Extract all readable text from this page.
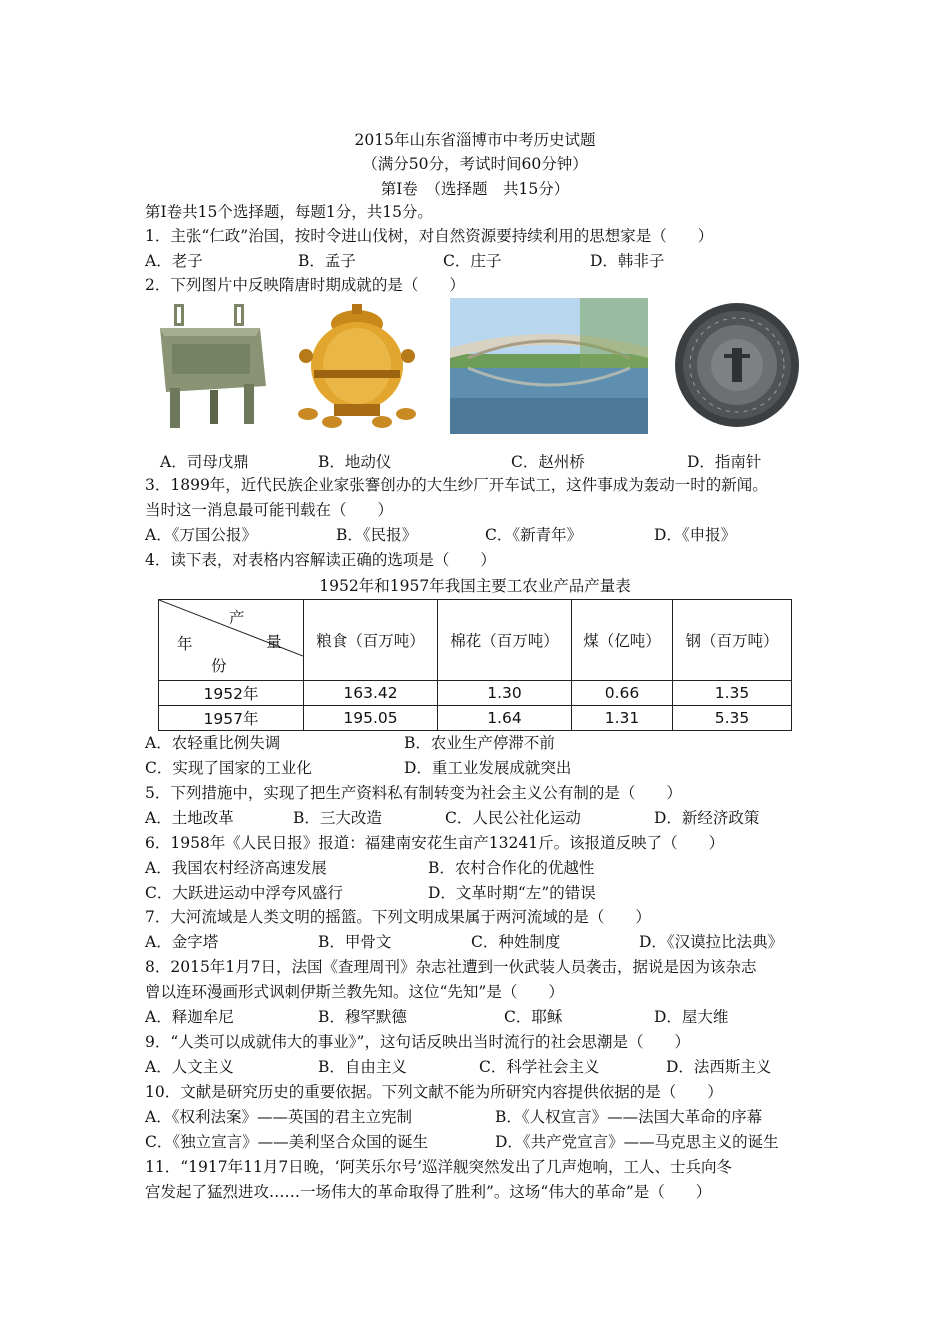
2015年山东省淄博市中考历史试题
（满分50分，考试时间60分钟）
第Ⅰ卷　（选择题　共15分）
第Ⅰ卷共15个选择题，每题1分，共15分。
1．主张“仁政”治国，按时令进山伐树，对自然资源要持续利用的思想家是（　　）
A．老子	B．孟子	C．庄子	D．韩非子
2．下列图片中反映隋唐时期成就的是（　　）
A．司母戊鼎	B．地动仪	C．赵州桥	D．指南针
3．1899年，近代民族企业家张謇创办的大生纱厂开车试工，这件事成为轰动一时的新闻。
当时这一消息最可能刊载在（　　）
A．《万国公报》	B．《民报》	C．《新青年》	D．《申报》
4．读下表，对表格内容解读正确的选项是（　　）
1952年和1957年我国主要工农业产品产量表
产
年 量
份	粮食（百万吨）	棉花（百万吨）	煤（亿吨）	钢（百万吨）
1952年	163.42	1.30	0.66	1.35
1957年	195.05	1.64	1.31	5.35
A．农轻重比例失调	B．农业生产停滞不前
C．实现了国家的工业化	D．重工业发展成就突出
5．下列措施中，实现了把生产资料私有制转变为社会主义公有制的是（　　）
A．土地改革	B．三大改造	C．人民公社化运动	D．新经济政策
6．1958年《人民日报》报道：福建南安花生亩产13241斤。该报道反映了（　　）
A．我国农村经济高速发展	B．农村合作化的优越性
C．大跃进运动中浮夸风盛行	D．文革时期“左”的错误
7．大河流域是人类文明的摇篮。下列文明成果属于两河流域的是（　　）
A．金字塔	B．甲骨文	C．种姓制度	D．《汉谟拉比法典》
8．2015年1月7日，法国《查理周刊》杂志社遭到一伙武装人员袭击，据说是因为该杂志
曾以连环漫画形式讽刺伊斯兰教先知。这位“先知”是（　　）
A．释迦牟尼	B．穆罕默德	C．耶稣	D．屋大维
9．“人类可以成就伟大的事业》”，这句话反映出当时流行的社会思潮是（　　）
A．人文主义	B．自由主义	C．科学社会主义	D．法西斯主义
10．文献是研究历史的重要依据。下列文献不能为所研究内容提供依据的是（　　）
A．《权利法案》——英国的君主立宪制	B．《人权宣言》——法国大革命的序幕
C．《独立宣言》——美利坚合众国的诞生	D．《共产党宣言》——马克思主义的诞生
11．“1917年11月7日晚，‘阿芙乐尔号’巡洋舰突然发出了几声炮响，工人、士兵向冬
宫发起了猛烈进攻……一场伟大的革命取得了胜利”。这场“伟大的革命”是（　　）
